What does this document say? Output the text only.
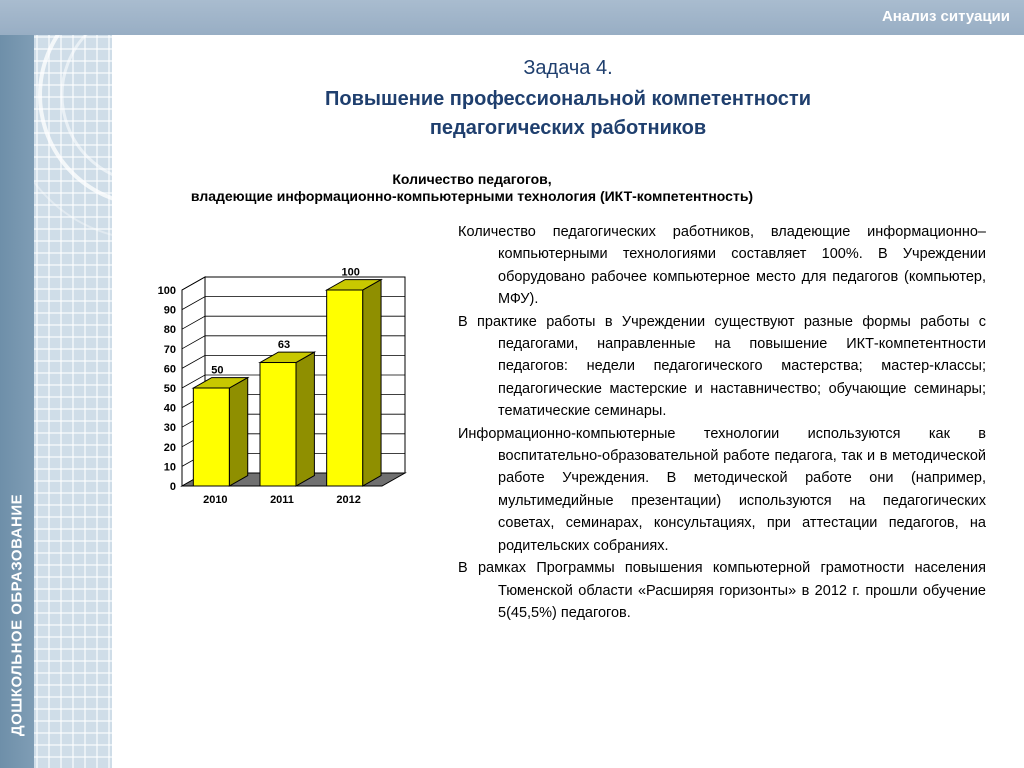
ДОШКОЛЬНОЕ ОБРАЗОВАНИЕ
Анализ ситуации
Задача 4.
Повышение профессиональной компетентности педагогических работников
Количество педагогов,
владеющие информационно-компьютерными технология (ИКТ-компетентность)
0
10
20
30
40
50
60
70
80
90
100
50
2010
63
2011
100
2012

Количество педагогических работников, владеющие информационно–компьютерными технологиями составляет 100%. В Учреждении оборудовано рабочее компьютерное место для педагогов (компьютер, МФУ).

В практике работы в Учреждении существуют разные формы работы с педагогами, направленные на повышение ИКТ-компетентности педагогов: недели педагогического мастерства; мастер-классы; педагогические мастерские и наставничество; обучающие семинары; тематические семинары.

Информационно-компьютерные технологии используются как в воспитательно-образовательной работе педагога, так и в методической работе Учреждения. В методической работе они (например, мультимедийные презентации) используются на педагогических советах, семинарах, консультациях, при аттестации педагогов, на родительских собраниях.

В рамках Программы повышения компьютерной грамотности населения Тюменской области «Расширяя горизонты» в 2012 г. прошли обучение 5(45,5%) педагогов.
